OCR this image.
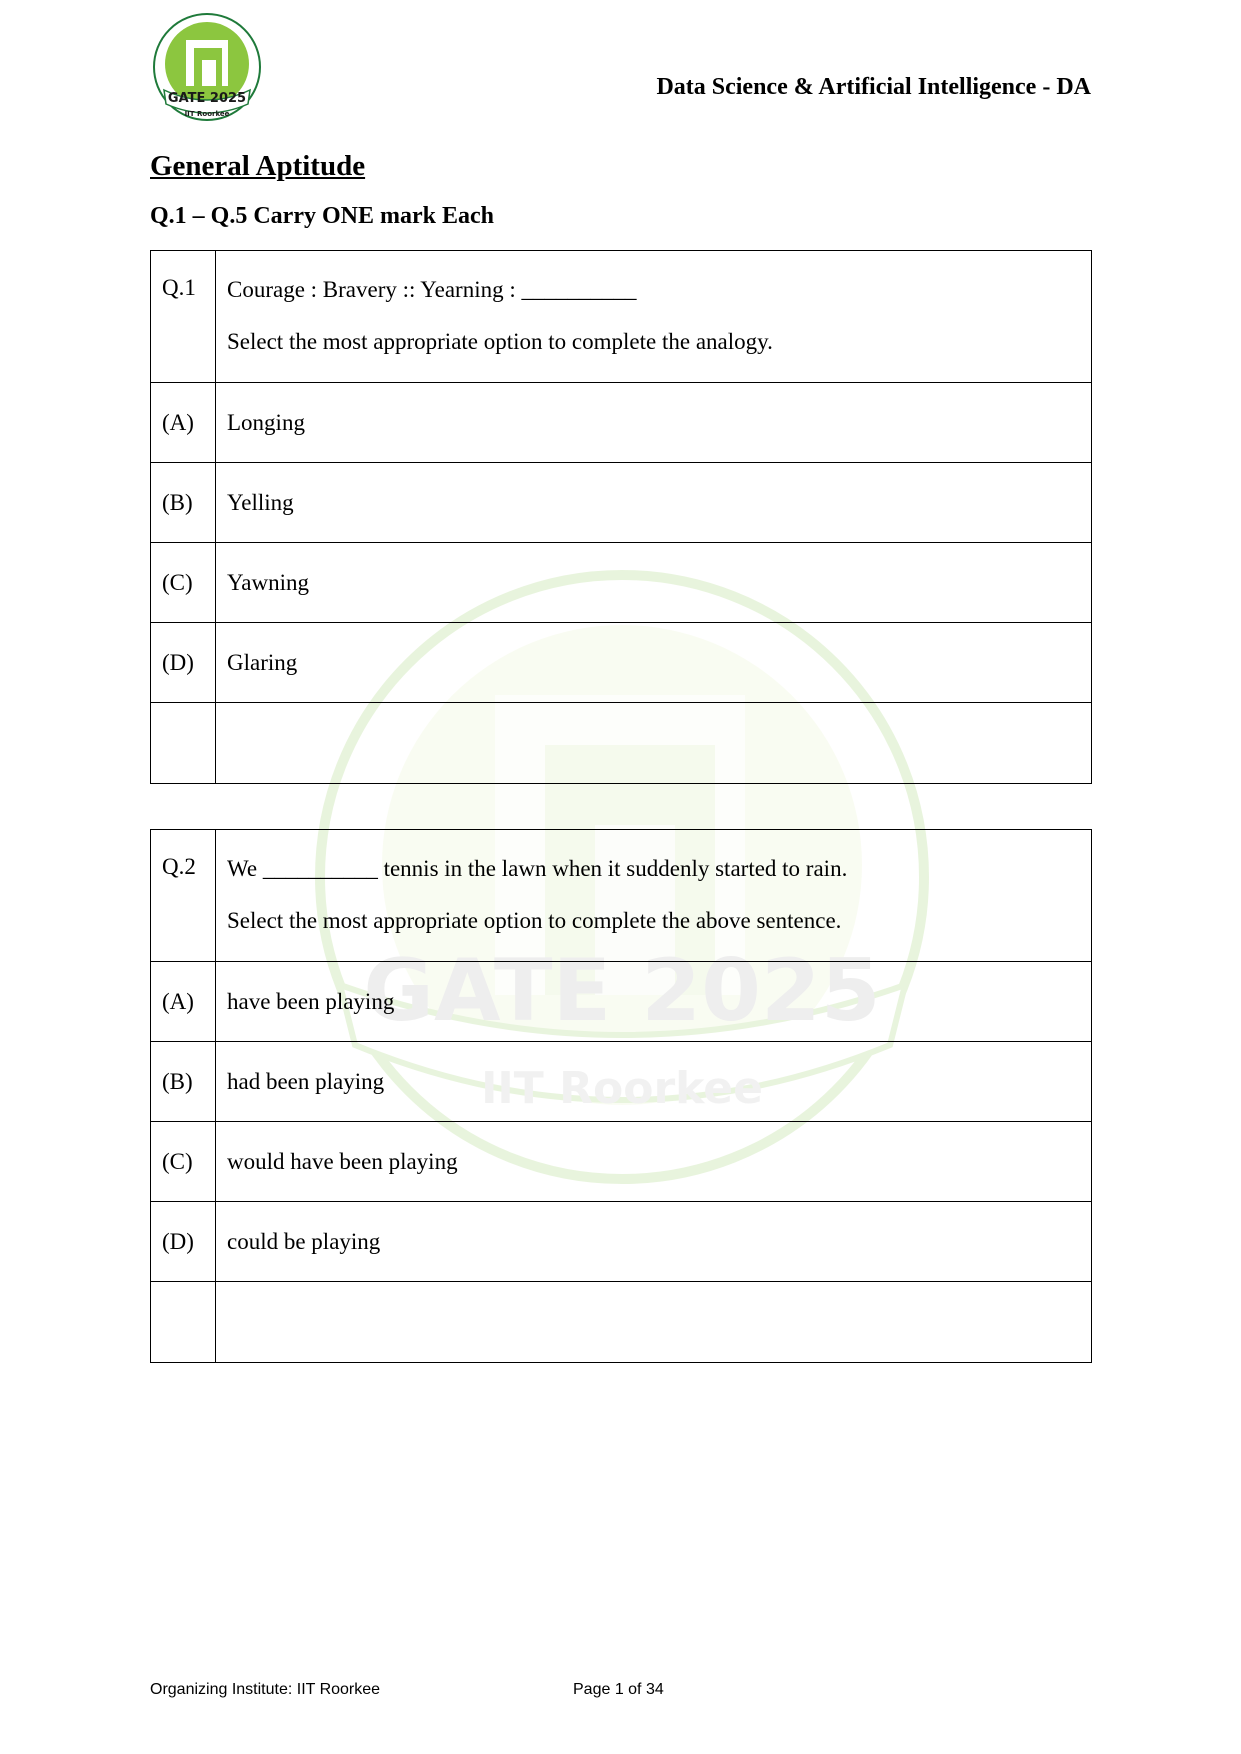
GATE 2025
IIT Roorkee
Data Science & Artificial Intelligence - DA
General Aptitude
Q.1 – Q.5 Carry ONE mark Each
GATE 2025
IIT Roorkee
Q.1	Courage : Bravery :: Yearning : __________

Select the most appropriate option to complete the analogy.

(A)	Longing
(B)	Yelling
(C)	Yawning
(D)	Glaring

Q.2	We __________ tennis in the lawn when it suddenly started to rain.

Select the most appropriate option to complete the above sentence.

(A)	have been playing
(B)	had been playing
(C)	would have been playing
(D)	could be playing

Organizing Institute: IIT Roorkee	Page 1 of 34
